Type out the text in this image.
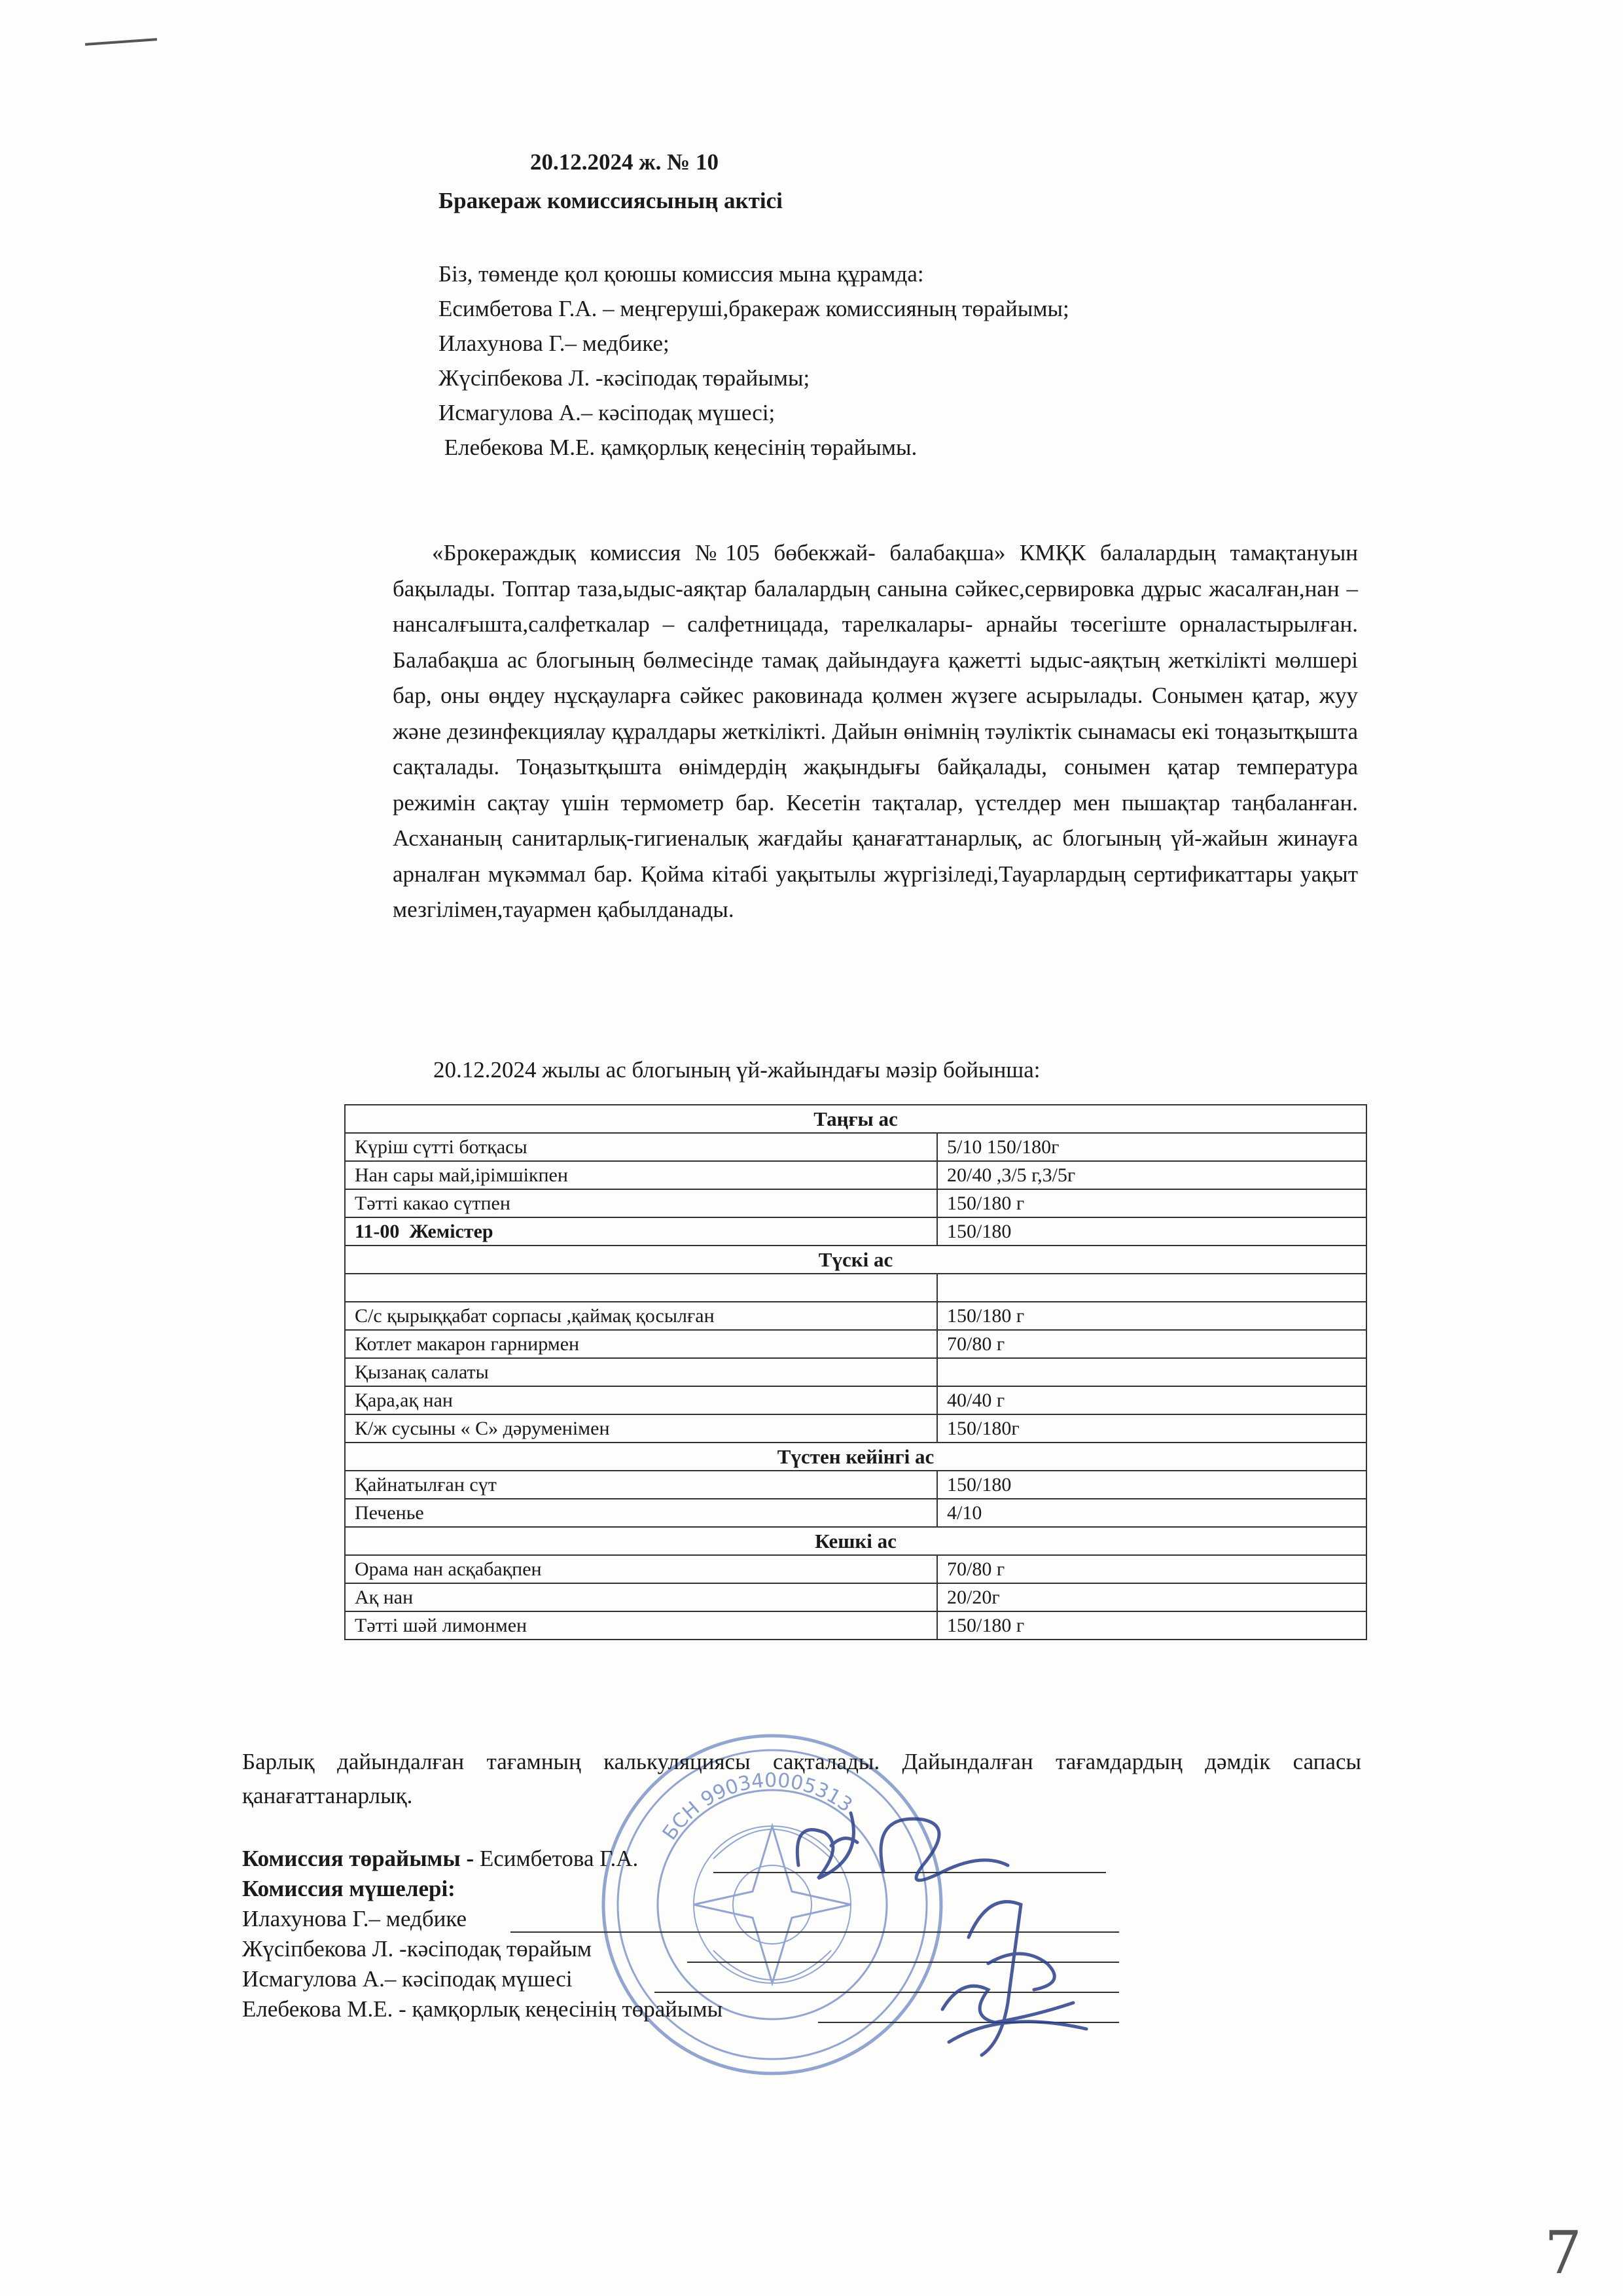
20.12.2024 ж. № 10
Бракераж комиссиясының актісі
Біз, төменде қол қоюшы комиссия мына құрамда:
Есимбетова Г.А. – меңгеруші,бракераж комиссияның төрайымы;
Илахунова Г.– медбике;
Жүсіпбекова Л. -кәсіподақ төрайымы;
Исмагулова А.– кәсіподақ мүшесі;
Елебекова М.Е. қамқорлық кеңесінің төрайымы.
«Брокераждық комиссия №105 бөбекжай- балабақша» КМҚК балалардың тамақтануын бақылады. Топтар таза,ыдыс-аяқтар балалардың санына сәйкес,сервировка дұрыс жасалған,нан –нансалғышта,салфеткалар – салфетницада, тарелкалары- арнайы төсегіште орналастырылған. Балабақша ас блогының бөлмесінде тамақ дайындауға қажетті ыдыс-аяқтың жеткілікті мөлшері бар, оны өңдеу нұсқауларға сәйкес раковинада қолмен жүзеге асырылады. Сонымен қатар, жуу және дезинфекциялау құралдары жеткілікті. Дайын өнімнің тәуліктік сынамасы екі тоңазытқышта сақталады. Тоңазытқышта өнімдердің жақындығы байқалады, сонымен қатар температура режимін сақтау үшін термометр бар. Кесетін тақталар, үстелдер мен пышақтар таңбаланған. Асхананың санитарлық-гигиеналық жағдайы қанағаттанарлық, ас блогының үй-жайын жинауға арналған мүкәммал бар. Қойма кітабі уақытылы жүргізіледі,Тауарлардың сертификаттары уақыт мезгілімен,тауармен қабылданады.
20.12.2024 жылы ас блогының үй-жайындағы мәзір бойынша:
Таңғы ас	
Күріш сүтті ботқасы	5/10 150/180г
Нан сары май,ірімшікпен	20/40 ,3/5 г,3/5г
Тәтті какао сүтпен	150/180 г
11-00  Жемістер	150/180
Түскі ас	

С/с қырыққабат сорпасы ,қаймақ қосылған	150/180 г
Котлет макарон гарнирмен	70/80 г
Қызанақ салаты	
Қара,ақ нан	40/40 г
К/ж сусыны « С» дәруменімен	150/180г
Түстен кейінгі ас	
Қайнатылған сүт	150/180
Печенье	4/10
Кешкі ас	
Орама нан асқабақпен	70/80 г
Ақ нан	20/20г
Тәтті шәй лимонмен	150/180 г
БСН 990340005313
Барлық дайындалған тағамның калькуляциясы сақталады. Дайындалған тағамдардың дәмдік сапасы қанағаттанарлық.
Комиссия төрайымы - Есимбетова Г.А.
Комиссия мүшелері:
Илахунова Г.– медбике
Жүсіпбекова Л. -кәсіподақ төрайым
Исмагулова А.– кәсіподақ мүшесі
Елебекова М.Е. - қамқорлық кеңесінің төрайымы
7
